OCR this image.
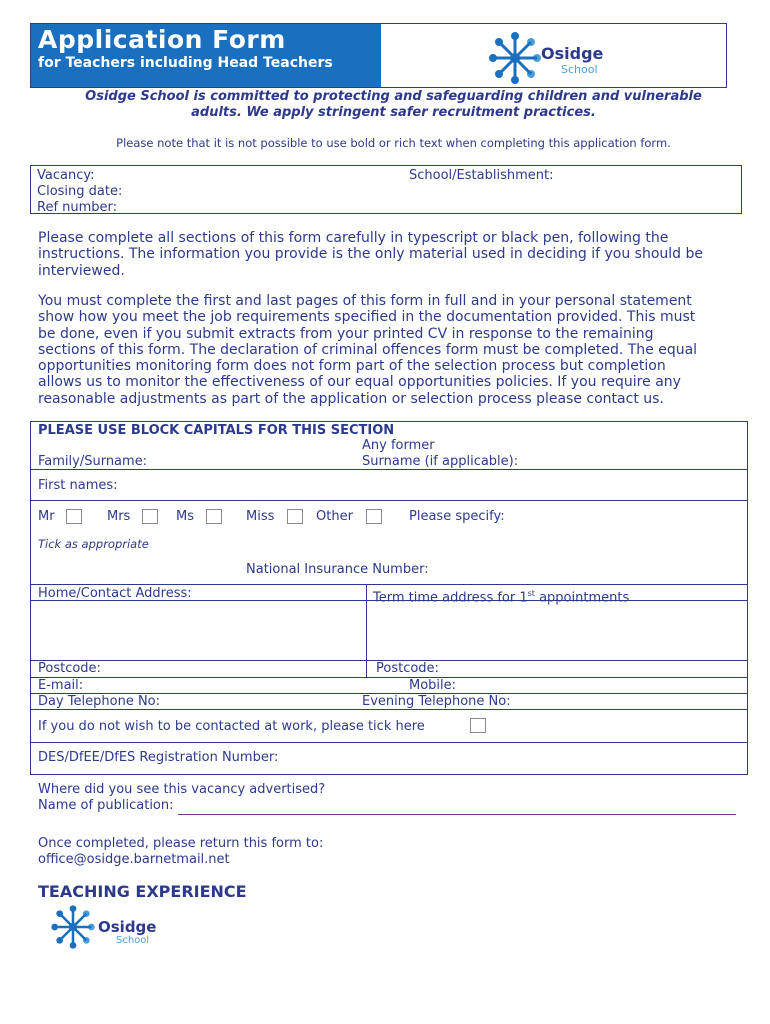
Application Form
for Teachers including Head Teachers	Osidge
School
Osidge School is committed to protecting and safeguarding children and vulnerable
adults. We apply stringent safer recruitment practices.
Please note that it is not possible to use bold or rich text when completing this application form.
Vacancy:
Closing date:
Ref number:
School/Establishment:
Please complete all sections of this form carefully in typescript or black pen, following the
instructions. The information you provide is the only material used in deciding if you should be
interviewed.
You must complete the first and last pages of this form in full and in your personal statement
show how you meet the job requirements specified in the documentation provided. This must
be done, even if you submit extracts from your printed CV in response to the remaining
sections of this form. The declaration of criminal offences form must be completed. The equal
opportunities monitoring form does not form part of the selection process but completion
allows us to monitor the effectiveness of our equal opportunities policies. If you require any
reasonable adjustments as part of the application or selection process please contact us.
PLEASE USE BLOCK CAPITALS FOR THIS SECTION
Family/Surname:
Any former
Surname (if applicable):
First names:
Mr	Mrs	Ms	Miss	Other	Please specify:
Tick as appropriate
National Insurance Number:
Home/Contact Address:	Term time address for 1st appointments
Postcode:	Postcode:
E-mail:	Mobile:
Day Telephone No:	Evening Telephone No:
If you do not wish to be contacted at work, please tick here
DES/DfEE/DfES Registration Number:
Where did you see this vacancy advertised?
Name of publication:
Once completed, please return this form to:
office@osidge.barnetmail.net
TEACHING EXPERIENCE
Osidge
School
